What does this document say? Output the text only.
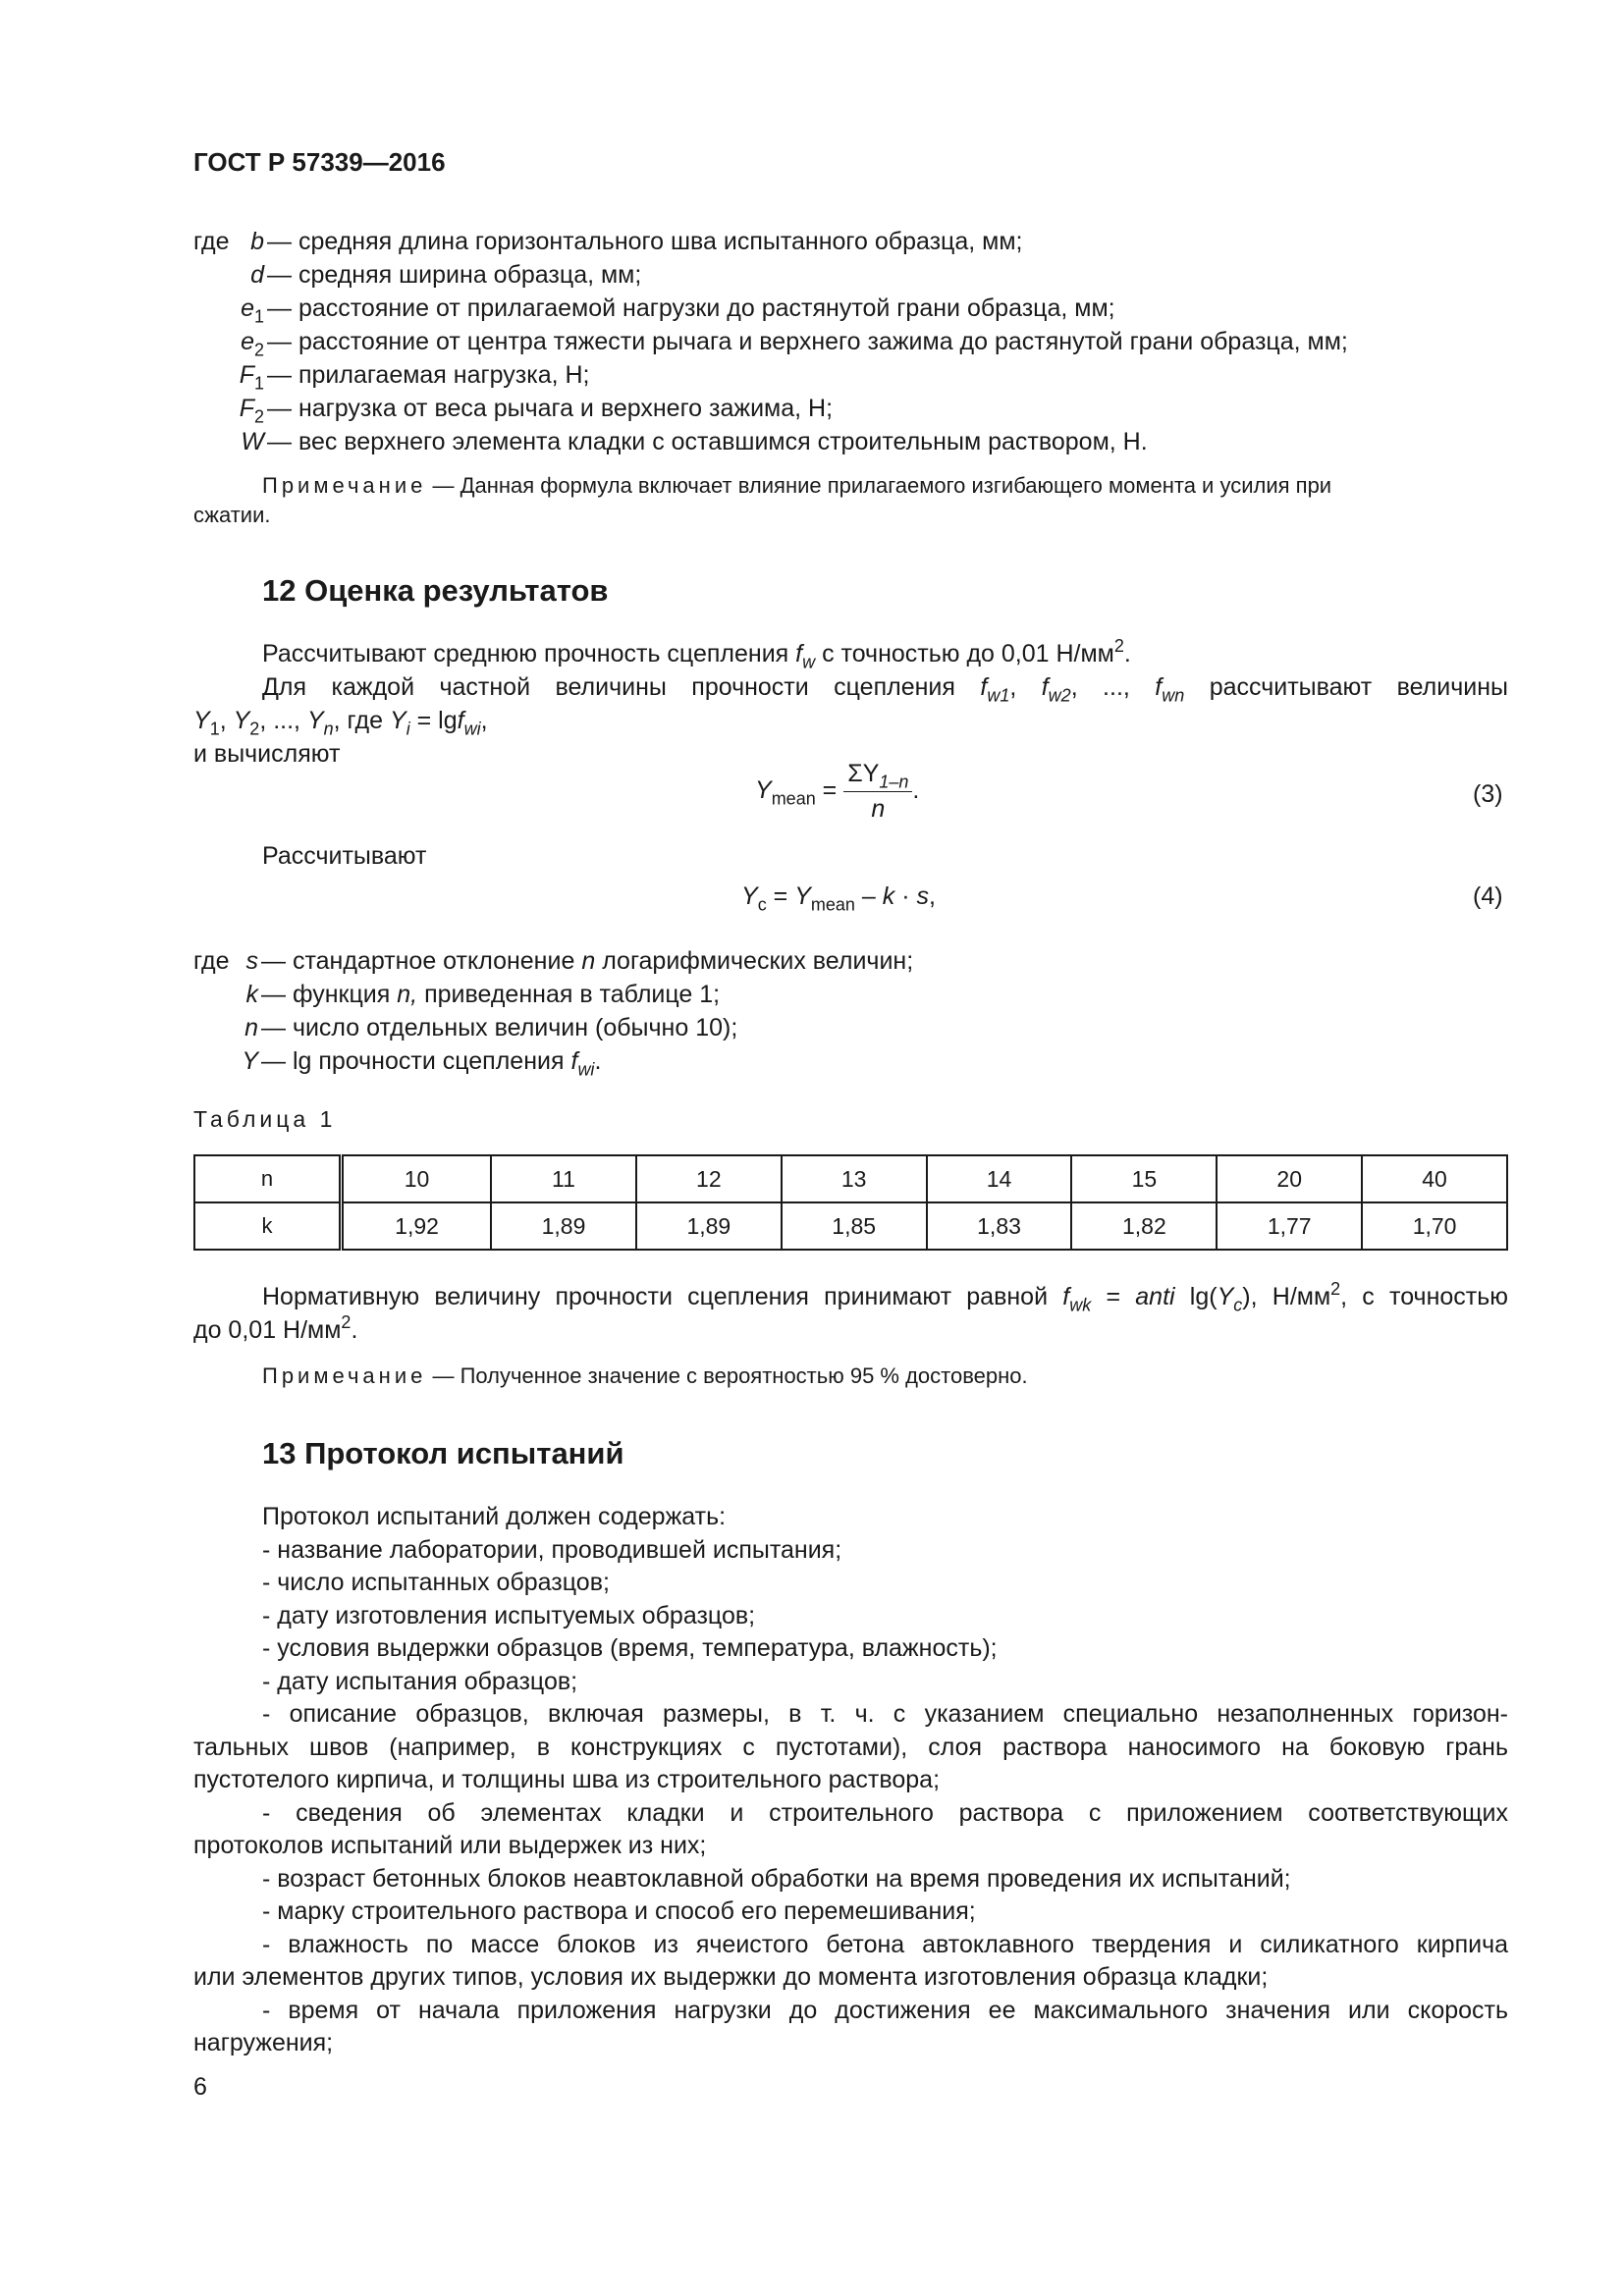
ГОСТ Р 57339—2016
где b — средняя длина горизонтального шва испытанного образца, мм;
d — средняя ширина образца, мм;
$e_1$ — расстояние от прилагаемой нагрузки до растянутой грани образца, мм;
$e_2$ — расстояние от центра тяжести рычага и верхнего зажима до растянутой грани образца, мм;
$F_1$ — прилагаемая нагрузка, Н;
$F_2$ — нагрузка от веса рычага и верхнего зажима, Н;
W — вес верхнего элемента кладки с оставшимся строительным раствором, Н.
Примечание — Данная формула включает влияние прилагаемого изгибающего момента и усилия при
сжатии.
12 Оценка результатов
Рассчитывают среднюю прочность сцепления $f_w$ с точностью до 0,01 $Н/мм^2$.
Для каждой частной величины прочности сцепления $f_{w1}$, $f_{w2}$, ..., $f_{wn}$ рассчитывают величины
$Y_1$, $Y_2$, ..., $Y_n$, где $Y_i = \lg f_{wi}$,
и вычисляют
$Y_{mean} = \frac{\Sigma Y_{1-n}}{n}$ .	(3)
Рассчитывают
$Y_c = Y_{mean} - k \cdot s$,	(4)
где s — стандартное отклонение n логарифмических величин;
k — функция n, приведенная в таблице 1;
n — число отдельных величин (обычно 10);
Y — lg прочности сцепления $f_{wi}$.
Таблица 1
n	10	11	12	13	14	15	20	40
k	1,92	1,89	1,89	1,85	1,83	1,82	1,77	1,70
Нормативную величину прочности сцепления принимают равной $f_{wk}$ = anti $\lg(Y_c)$, $Н/мм^2$, с точностью
до 0,01 $Н/мм^2$.
Примечание — Полученное значение с вероятностью 95 % достоверно.
13 Протокол испытаний
Протокол испытаний должен содержать:
- название лаборатории, проводившей испытания;
- число испытанных образцов;
- дату изготовления испытуемых образцов;
- условия выдержки образцов (время, температура, влажность);
- дату испытания образцов;
- описание образцов, включая размеры, в т. ч. с указанием специально незаполненных горизон-
тальных швов (например, в конструкциях с пустотами), слоя раствора наносимого на боковую грань
пустотелого кирпича, и толщины шва из строительного раствора;
- сведения об элементах кладки и строительного раствора с приложением соответствующих
протоколов испытаний или выдержек из них;
- возраст бетонных блоков неавтоклавной обработки на время проведения их испытаний;
- марку строительного раствора и способ его перемешивания;
- влажность по массе блоков из ячеистого бетона автоклавного твердения и силикатного кирпича
или элементов других типов, условия их выдержки до момента изготовления образца кладки;
- время от начала приложения нагрузки до достижения ее максимального значения или скорость
нагружения;
6
